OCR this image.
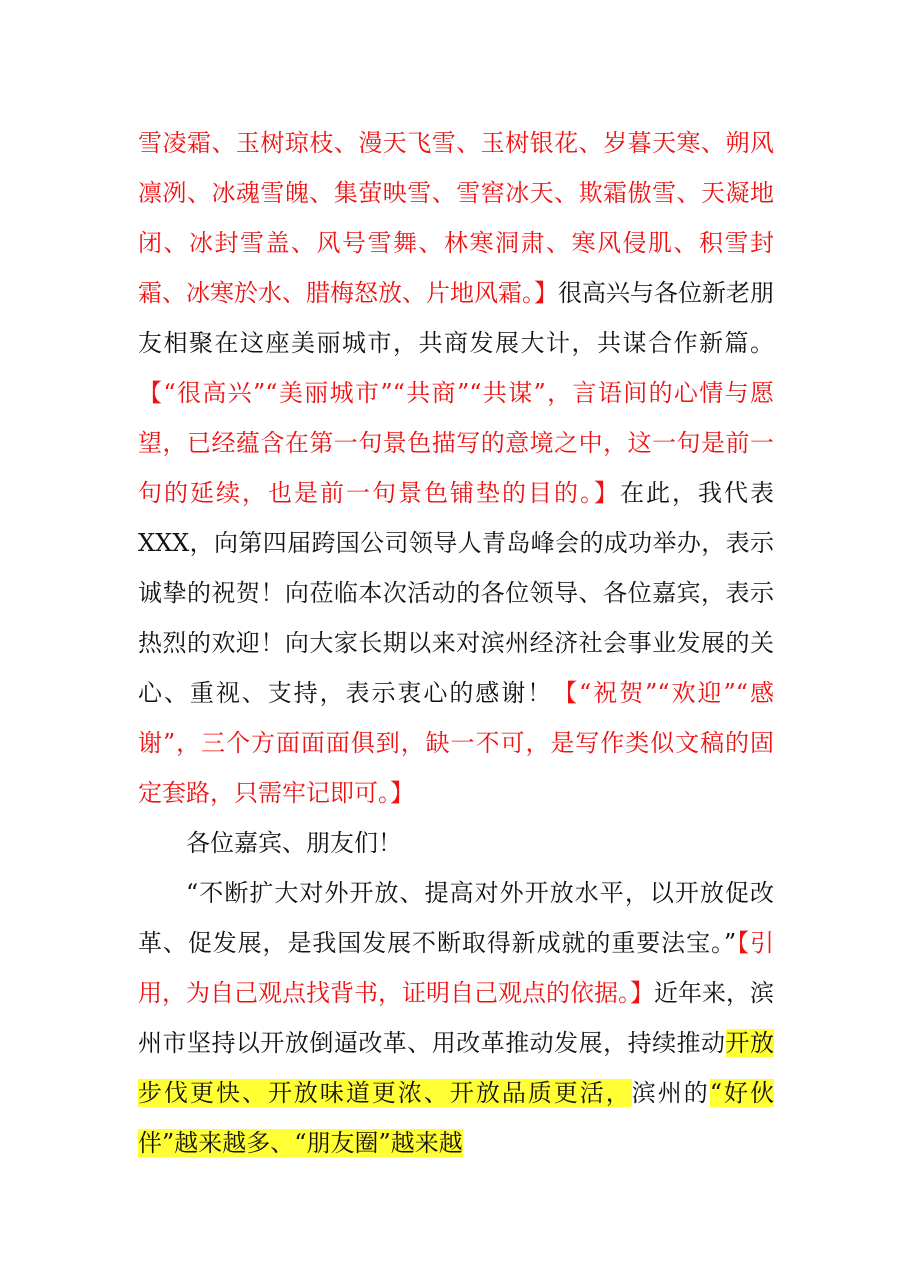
雪凌霜、玉树琼枝、漫天飞雪、玉树银花、岁暮天寒、朔风凛冽、冰魂雪魄、集萤映雪、雪窖冰天、欺霜傲雪、天凝地闭、冰封雪盖、风号雪舞、林寒洞肃、寒风侵肌、积雪封霜、冰寒於水、腊梅怒放、片地风霜。】很高兴与各位新老朋友相聚在这座美丽城市，共商发展大计，共谋合作新篇。【“很高兴”“美丽城市”“共商”“共谋”，言语间的心情与愿望，已经蕴含在第一句景色描写的意境之中，这一句是前一句的延续，也是前一句景色铺垫的目的。】在此，我代表XXX，向第四届跨国公司领导人青岛峰会的成功举办，表示诚挚的祝贺！向莅临本次活动的各位领导、各位嘉宾，表示热烈的欢迎！向大家长期以来对滨州经济社会事业发展的关心、重视、支持，表示衷心的感谢！【“祝贺”“欢迎”“感谢”，三个方面面面俱到，缺一不可，是写作类似文稿的固定套路，只需牢记即可。】

各位嘉宾、朋友们！

“不断扩大对外开放、提高对外开放水平，以开放促改革、促发展，是我国发展不断取得新成就的重要法宝。”【引用，为自己观点找背书，证明自己观点的依据。】近年来，滨州市坚持以开放倒逼改革、用改革推动发展，持续推动开放步伐更快、开放味道更浓、开放品质更活，滨州的“好伙伴”越来越多、“朋友圈”越来越
